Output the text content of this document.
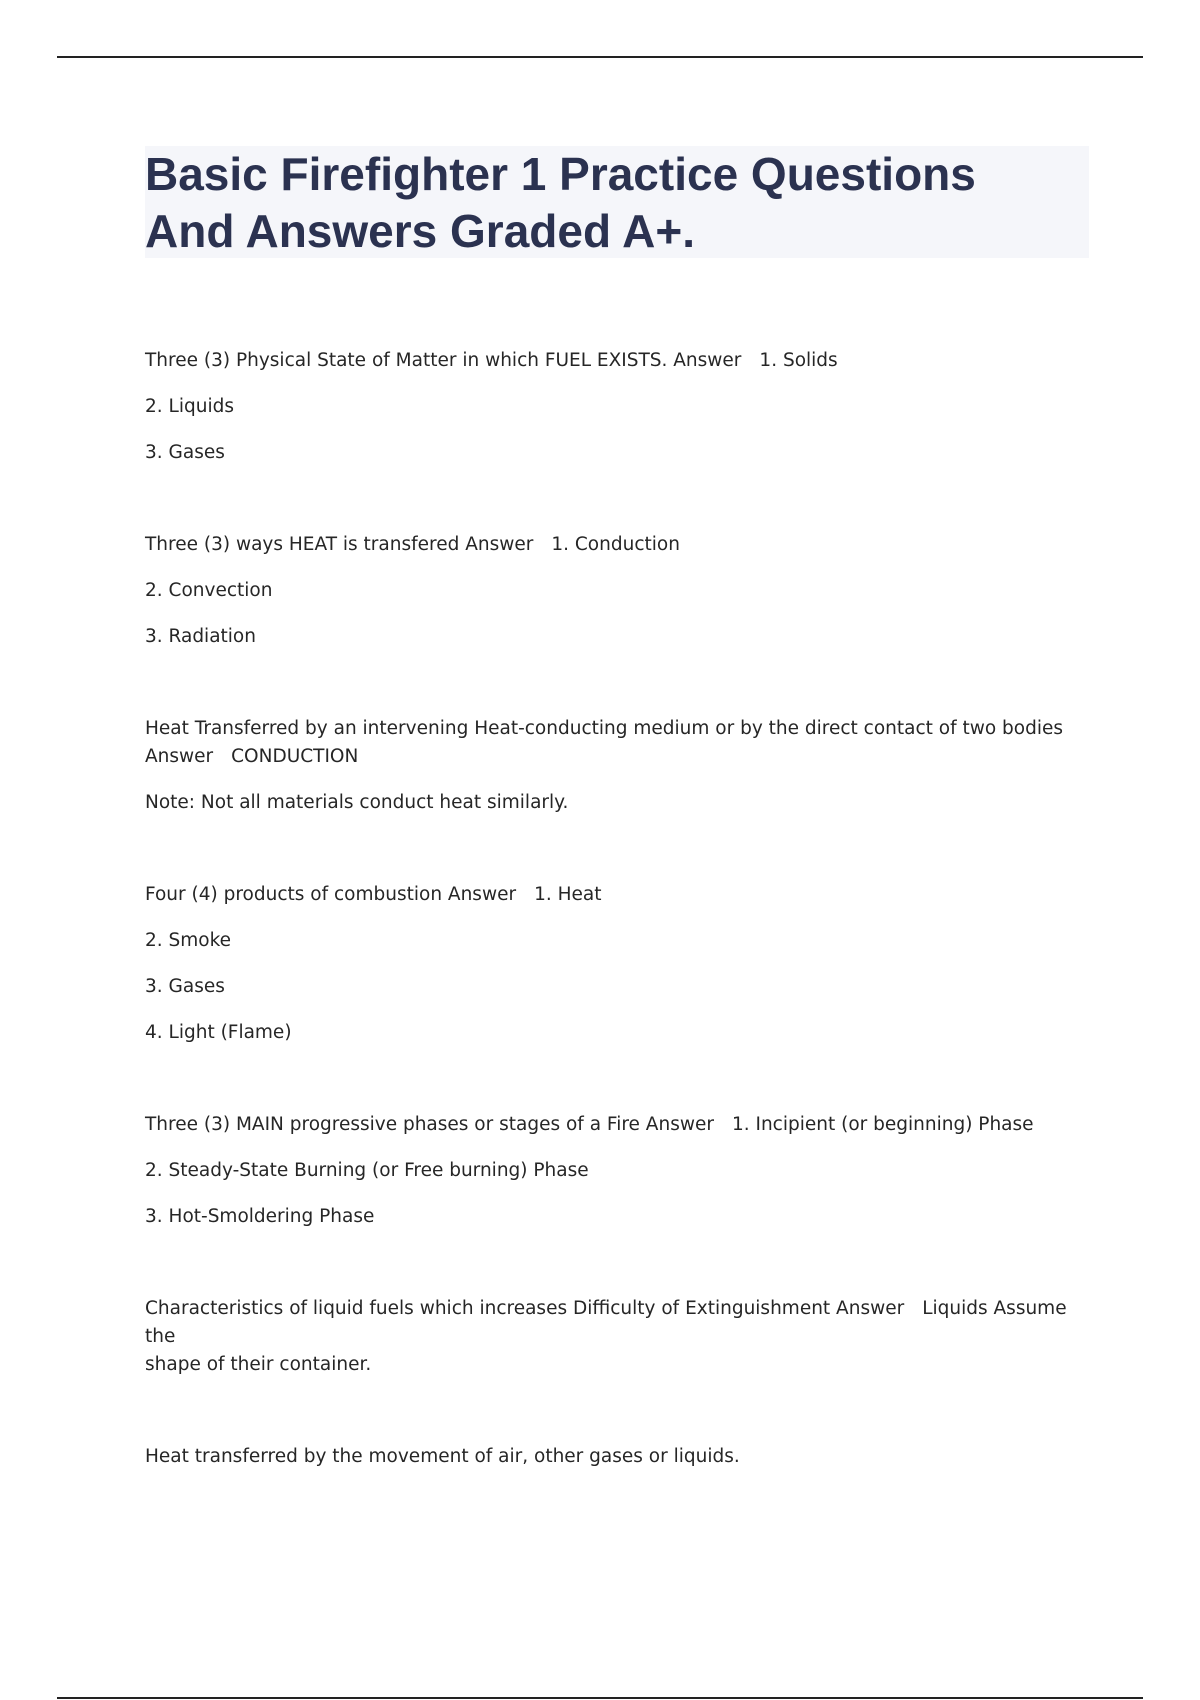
Basic Firefighter 1 Practice Questions
And Answers Graded A+.
Three (3) Physical State of Matter in which FUEL EXISTS. Answer 1. Solids
2. Liquids
3. Gases
Three (3) ways HEAT is transfered Answer 1. Conduction
2. Convection
3. Radiation
Heat Transferred by an intervening Heat-conducting medium or by the direct contact of two bodies
Answer CONDUCTION
Note: Not all materials conduct heat similarly.
Four (4) products of combustion Answer 1. Heat
2. Smoke
3. Gases
4. Light (Flame)
Three (3) MAIN progressive phases or stages of a Fire Answer 1. Incipient (or beginning) Phase
2. Steady-State Burning (or Free burning) Phase
3. Hot-Smoldering Phase
Characteristics of liquid fuels which increases Difficulty of Extinguishment Answer Liquids Assume the
shape of their container.
Heat transferred by the movement of air, other gases or liquids.
